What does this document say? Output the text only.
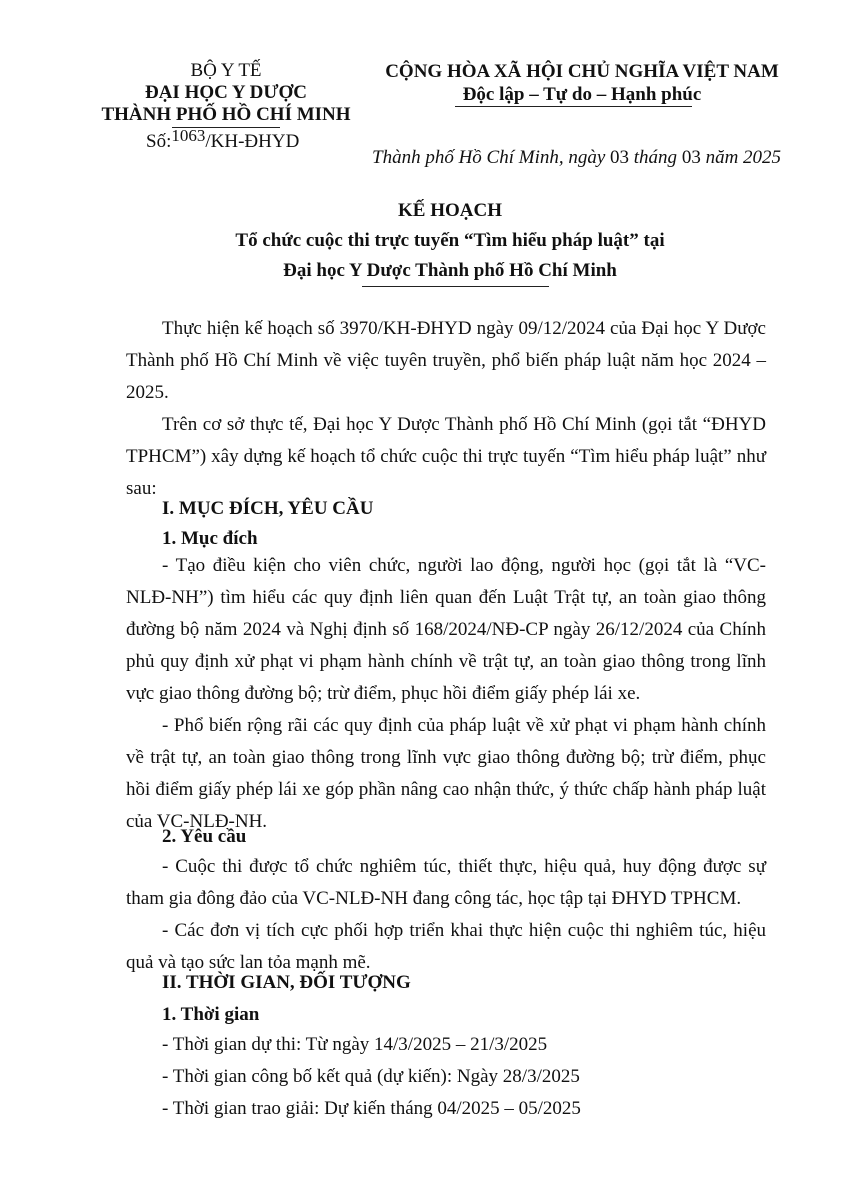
BỘ Y TẾ
ĐẠI HỌC Y DƯỢC
THÀNH PHỐ HỒ CHÍ MINH
Số:1063/KH-ĐHYD
CỘNG HÒA XÃ HỘI CHỦ NGHĨA VIỆT NAM
Độc lập – Tự do – Hạnh phúc
Thành phố Hồ Chí Minh, ngày 03 tháng 03 năm 2025
KẾ HOẠCH
Tổ chức cuộc thi trực tuyến “Tìm hiểu pháp luật” tại
Đại học Y Dược Thành phố Hồ Chí Minh
Thực hiện kế hoạch số 3970/KH-ĐHYD ngày 09/12/2024 của Đại học Y Dược Thành phố Hồ Chí Minh về việc tuyên truyền, phổ biến pháp luật năm học 2024 – 2025.
Trên cơ sở thực tế, Đại học Y Dược Thành phố Hồ Chí Minh (gọi tắt “ĐHYD TPHCM”) xây dựng kế hoạch tổ chức cuộc thi trực tuyến “Tìm hiểu pháp luật” như sau:
I. MỤC ĐÍCH, YÊU CẦU
1. Mục đích
- Tạo điều kiện cho viên chức, người lao động, người học (gọi tắt là “VC-NLĐ-NH”) tìm hiểu các quy định liên quan đến Luật Trật tự, an toàn giao thông đường bộ năm 2024 và Nghị định số 168/2024/NĐ-CP ngày 26/12/2024 của Chính phủ quy định xử phạt vi phạm hành chính về trật tự, an toàn giao thông trong lĩnh vực giao thông đường bộ; trừ điểm, phục hồi điểm giấy phép lái xe.
- Phổ biến rộng rãi các quy định của pháp luật về xử phạt vi phạm hành chính về trật tự, an toàn giao thông trong lĩnh vực giao thông đường bộ; trừ điểm, phục hồi điểm giấy phép lái xe góp phần nâng cao nhận thức, ý thức chấp hành pháp luật của VC-NLĐ-NH.
2. Yêu cầu
- Cuộc thi được tổ chức nghiêm túc, thiết thực, hiệu quả, huy động được sự tham gia đông đảo của VC-NLĐ-NH đang công tác, học tập tại ĐHYD TPHCM.
- Các đơn vị tích cực phối hợp triển khai thực hiện cuộc thi nghiêm túc, hiệu quả và tạo sức lan tỏa mạnh mẽ.
II. THỜI GIAN, ĐỐI TƯỢNG
1. Thời gian
- Thời gian dự thi: Từ ngày 14/3/2025 – 21/3/2025
- Thời gian công bố kết quả (dự kiến): Ngày 28/3/2025
- Thời gian trao giải: Dự kiến tháng 04/2025 – 05/2025
